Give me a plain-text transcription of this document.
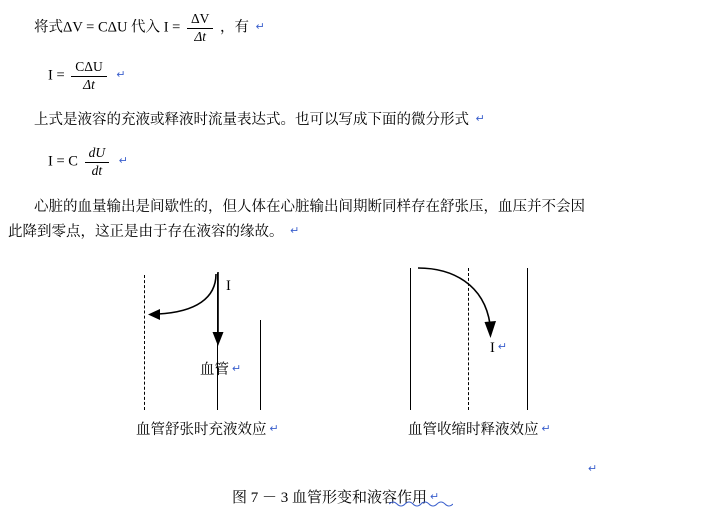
将式ΔV = CΔU 代入 $I = \frac{\Delta V}{\Delta t}$ ，有 ↵
$I = \frac{\text{CΔU}}{\Delta t}$ ↵
上式是液容的充液或释液时流量表达式。也可以写成下面的微分形式 ↵
I = C $\frac{dU}{dt}$ ↵
心脏的血量输出是间歇性的，但人体在心脏输出间期断同样存在舒张压，血压并不会因
此降到零点，这正是由于存在液容的缘故。 ↵
I
血管 ↵
血管舒张时充液效应 ↵
I ↵
血管收缩时释液效应 ↵
↵
图 7 － 3 血管形变和液容作用 ↵
